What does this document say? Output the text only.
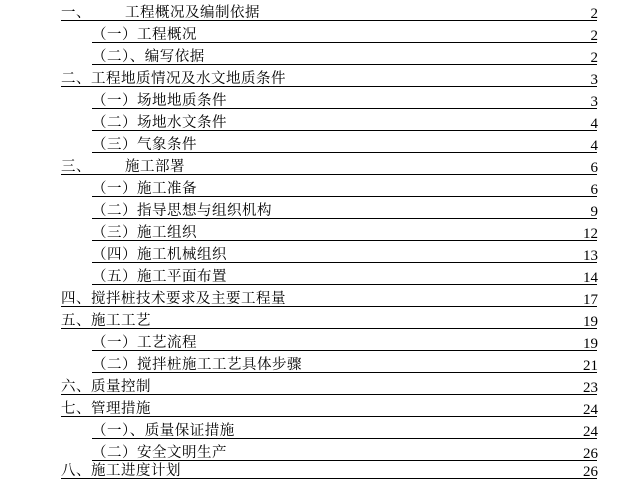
一、 工程概况及编制依据	2
（一）工程概况	2
（二）、编写依据	2
二、工程地质情况及水文地质条件	3
（一）场地地质条件	3
（二）场地水文条件	4
（三）气象条件	4
三、 施工部署	6
（一）施工准备	6
（二）指导思想与组织机构	9
（三）施工组织	12
（四）施工机械组织	13
（五）施工平面布置	14
四、搅拌桩技术要求及主要工程量	17
五、施工工艺	19
（一）工艺流程	19
（二）搅拌桩施工工艺具体步骤	21
六、质量控制	23
七、管理措施	24
（一）、质量保证措施	24
（二）安全文明生产	26
八、施工进度计划	26
